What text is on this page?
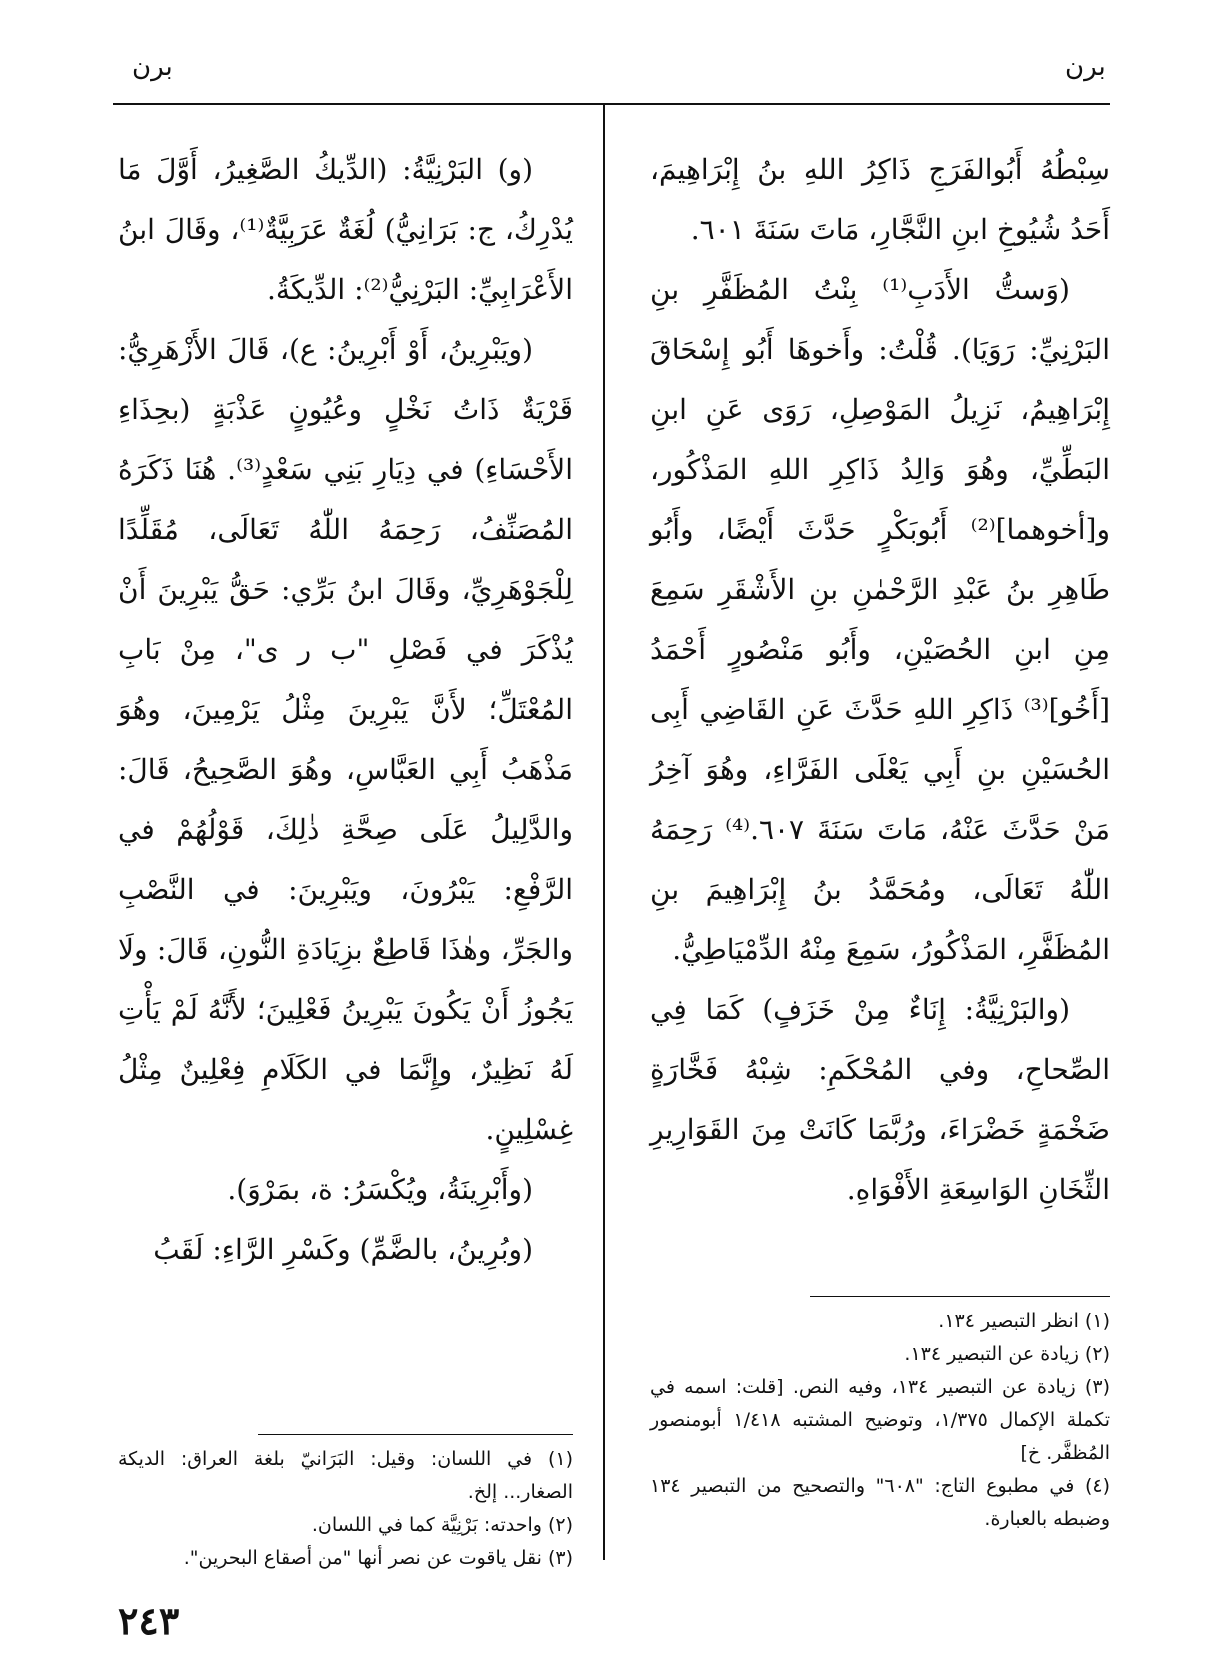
برن
برن

سِبْطُهُ أَبُوالفَرَجِ ذَاكِرُ اللهِ بنُ إِبْرَاهِيمَ، أَحَدُ شُيُوخِ ابنِ النَّجَّارِ، مَاتَ سَنَةَ ٦٠١.

(وَستُّ الأَدَبِ⁽¹⁾ بِنْتُ المُظَفَّرِ بنِ البَرْنِيِّ: رَوَيَا). قُلْتُ: وأَخوهَا أَبُو إِسْحَاقَ إِبْرَاهِيمُ، نَزِيلُ المَوْصِلِ، رَوَى عَنِ ابنِ البَطِّيِّ، وهُوَ وَالِدُ ذَاكِرِ اللهِ المَذْكُور، و[أخوهما]⁽²⁾ أَبُوبَكْرٍ حَدَّثَ أَيْضًا، وأَبُو طَاهِرِ بنُ عَبْدِ الرَّحْمٰنِ بنِ الأَشْقَرِ سَمِعَ مِنِ ابنِ الحُصَيْنِ، وأَبُو مَنْصُورٍ أَحْمَدُ [أَخُو]⁽³⁾ ذَاكِرِ اللهِ حَدَّثَ عَنِ القَاضِي أَبِى الحُسَيْنِ بنِ أَبِي يَعْلَى الفَرَّاءِ، وهُوَ آخِرُ مَنْ حَدَّثَ عَنْهُ، مَاتَ سَنَةَ ٦٠٧.⁽⁴⁾ رَحِمَهُ اللّٰهُ تَعَالَى، ومُحَمَّدُ بنُ إِبْرَاهِيمَ بنِ المُظَفَّرِ، المَذْكُورُ، سَمِعَ مِنْهُ الدِّمْيَاطِيُّ.

(والبَرْنِيَّةُ: إِنَاءٌ مِنْ خَزَفٍ) كَمَا فِي الصِّحاحِ، وفي المُحْكَمِ: شِبْهُ فَخَّارَةٍ ضَخْمَةٍ خَضْرَاءَ، ورُبَّمَا كَانَتْ مِنَ القَوَارِيرِ الثِّخَانِ الوَاسِعَةِ الأَفْوَاهِ.

(و) البَرْنِيَّةُ: (الدِّيكُ الصَّغِيرُ، أَوَّلَ مَا يُدْرِكُ، ج: بَرَانِيُّ) لُغَةٌ عَرَبِيَّةٌ⁽¹⁾، وقَالَ ابنُ الأَعْرَابِيِّ: البَرْنِيُّ⁽²⁾: الدِّيكَةُ.

(ويَبْرِينُ، أَوْ أَبْرِينُ: ع)، قَالَ الأَزْهَرِيُّ: قَرْيَةٌ ذَاتُ نَخْلٍ وعُيُونٍ عَذْبَةٍ (بحِذَاءِ الأَحْسَاءِ) في دِيَارِ بَنِي سَعْدٍ⁽³⁾. هُنَا ذَكَرَهُ المُصَنِّفُ، رَحِمَهُ اللّٰهُ تَعَالَى، مُقَلِّدًا لِلْجَوْهَرِيِّ، وقَالَ ابنُ بَرِّي: حَقُّ يَبْرِينَ أَنْ يُذْكَرَ في فَصْلِ "ب ر ى"، مِنْ بَابِ المُعْتَلِّ؛ لأَنَّ يَبْرِينَ مِثْلُ يَرْمِينَ، وهُوَ مَذْهَبُ أَبِي العَبَّاسِ، وهُوَ الصَّحِيحُ، قَالَ: والدَّلِيلُ عَلَى صِحَّةِ ذٰلِكَ، قَوْلُهُمْ في الرَّفْعِ: يَبْرُونَ، ويَبْرِينَ: في النَّصْبِ والجَرِّ، وهٰذَا قَاطِعٌ بزِيَادَةِ النُّونِ، قَالَ: ولَا يَجُوزُ أَنْ يَكُونَ يَبْرِينُ فَعْلِينَ؛ لأَنَّهُ لَمْ يَأْتِ لَهُ نَظِيرٌ، وإِنَّمَا في الكَلَامِ فِعْلِينٌ مِثْلُ غِسْلِينٍ.

(وأَبْرِينَةُ، ويُكْسَرُ: ة، بمَرْوَ).

(وبُرِينُ، بالضَّمِّ) وكَسْرِ الرَّاءِ: لَقَبُ

(١) انظر التبصير ١٣٤.
(٢) زيادة عن التبصير ١٣٤.
(٣) زيادة عن التبصير ١٣٤، وفيه النص. [قلت: اسمه في تكملة الإكمال ١/٣٧٥، وتوضيح المشتبه ١/٤١٨ أبومنصور المُظفَّر. خ]
(٤) في مطبوع التاج: "٦٠٨" والتصحيح من التبصير ١٣٤ وضبطه بالعبارة.
(١) في اللسان: وقيل: البَرَانيّ بلغة العراق: الديكة الصغار... إلخ.
(٢) واحدته: بَرْنِيَّة كما في اللسان.
(٣) نقل ياقوت عن نصر أنها "من أصقاع البحرين".
٢٤٣
